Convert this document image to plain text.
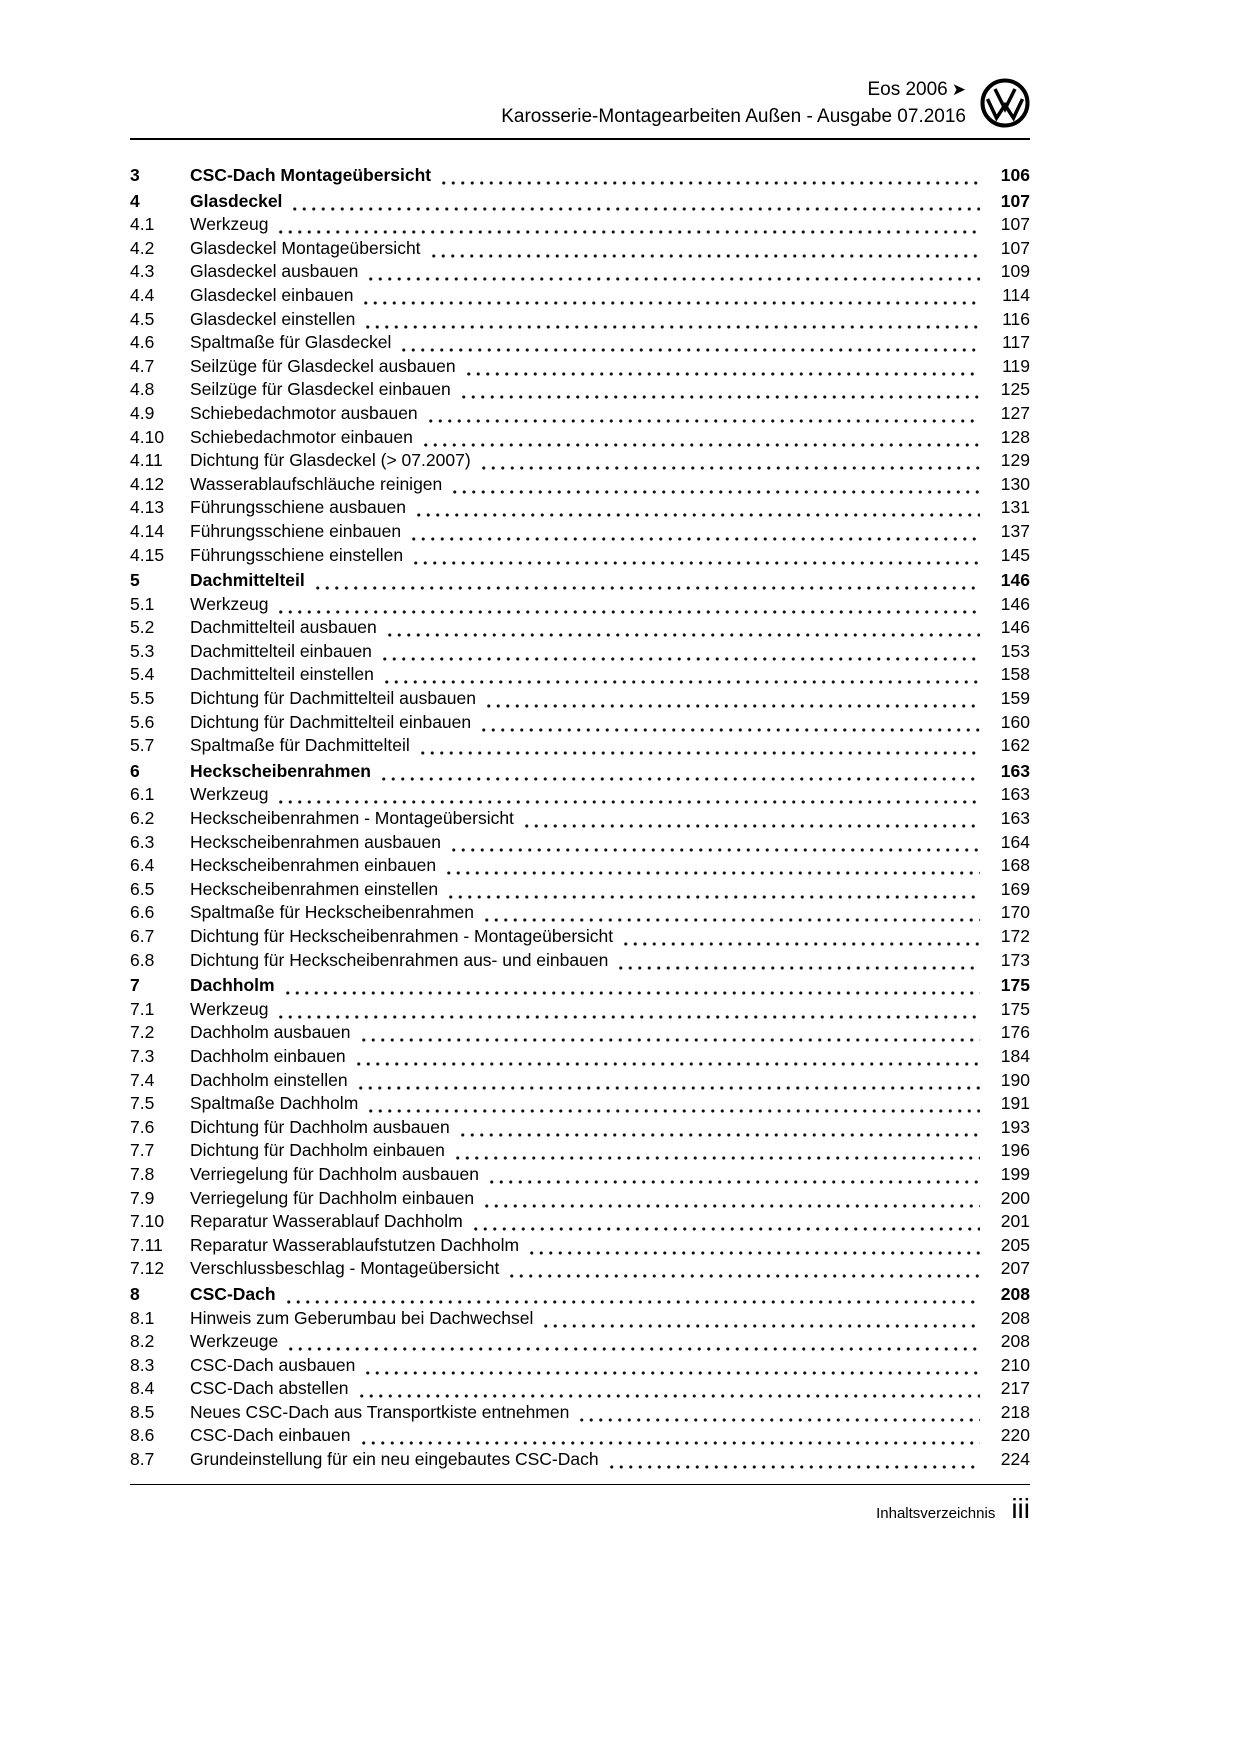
Eos 2006 ➤
Karosserie-Montagearbeiten Außen - Ausgabe 07.2016
3	CSC-Dach Montageübersicht	106
4	Glasdeckel	107
4.1	Werkzeug	107
4.2	Glasdeckel Montageübersicht	107
4.3	Glasdeckel ausbauen	109
4.4	Glasdeckel einbauen	114
4.5	Glasdeckel einstellen	116
4.6	Spaltmaße für Glasdeckel	117
4.7	Seilzüge für Glasdeckel ausbauen	119
4.8	Seilzüge für Glasdeckel einbauen	125
4.9	Schiebedachmotor ausbauen	127
4.10	Schiebedachmotor einbauen	128
4.11	Dichtung für Glasdeckel (> 07.2007)	129
4.12	Wasserablaufschläuche reinigen	130
4.13	Führungsschiene ausbauen	131
4.14	Führungsschiene einbauen	137
4.15	Führungsschiene einstellen	145
5	Dachmittelteil	146
5.1	Werkzeug	146
5.2	Dachmittelteil ausbauen	146
5.3	Dachmittelteil einbauen	153
5.4	Dachmittelteil einstellen	158
5.5	Dichtung für Dachmittelteil ausbauen	159
5.6	Dichtung für Dachmittelteil einbauen	160
5.7	Spaltmaße für Dachmittelteil	162
6	Heckscheibenrahmen	163
6.1	Werkzeug	163
6.2	Heckscheibenrahmen - Montageübersicht	163
6.3	Heckscheibenrahmen ausbauen	164
6.4	Heckscheibenrahmen einbauen	168
6.5	Heckscheibenrahmen einstellen	169
6.6	Spaltmaße für Heckscheibenrahmen	170
6.7	Dichtung für Heckscheibenrahmen - Montageübersicht	172
6.8	Dichtung für Heckscheibenrahmen aus- und einbauen	173
7	Dachholm	175
7.1	Werkzeug	175
7.2	Dachholm ausbauen	176
7.3	Dachholm einbauen	184
7.4	Dachholm einstellen	190
7.5	Spaltmaße Dachholm	191
7.6	Dichtung für Dachholm ausbauen	193
7.7	Dichtung für Dachholm einbauen	196
7.8	Verriegelung für Dachholm ausbauen	199
7.9	Verriegelung für Dachholm einbauen	200
7.10	Reparatur Wasserablauf Dachholm	201
7.11	Reparatur Wasserablaufstutzen Dachholm	205
7.12	Verschlussbeschlag - Montageübersicht	207
8	CSC-Dach	208
8.1	Hinweis zum Geberumbau bei Dachwechsel	208
8.2	Werkzeuge	208
8.3	CSC-Dach ausbauen	210
8.4	CSC-Dach abstellen	217
8.5	Neues CSC-Dach aus Transportkiste entnehmen	218
8.6	CSC-Dach einbauen	220
8.7	Grundeinstellung für ein neu eingebautes CSC-Dach	224
Inhaltsverzeichnis iii
